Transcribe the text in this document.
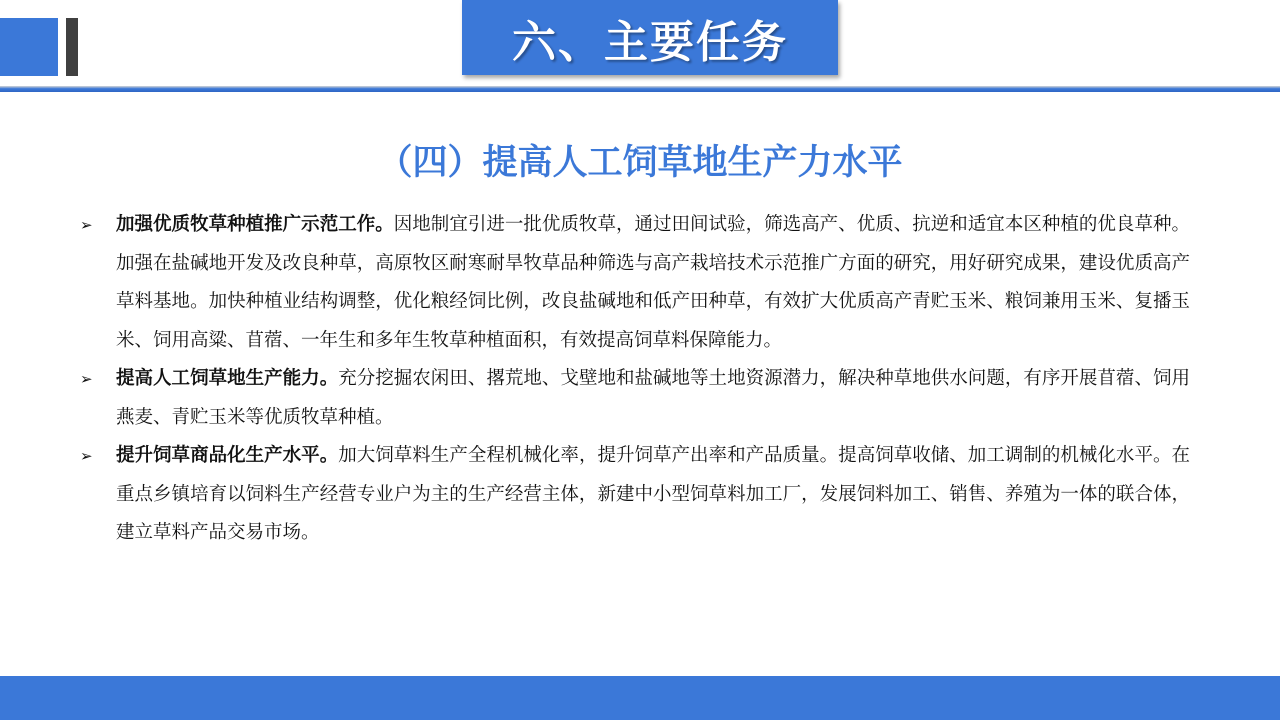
六、主要任务
（四）提高人工饲草地生产力水平
➢	加强优质牧草种植推广示范工作。因地制宜引进一批优质牧草，通过田间试验，筛选高产、优质、抗逆和适宜本区种植的优良草种。加强在盐碱地开发及改良种草，高原牧区耐寒耐旱牧草品种筛选与高产栽培技术示范推广方面的研究，用好研究成果，建设优质高产草料基地。加快种植业结构调整，优化粮经饲比例，改良盐碱地和低产田种草，有效扩大优质高产青贮玉米、粮饲兼用玉米、复播玉米、饲用高粱、苜蓿、一年生和多年生牧草种植面积，有效提高饲草料保障能力。
➢	提高人工饲草地生产能力。充分挖掘农闲田、撂荒地、戈壁地和盐碱地等土地资源潜力，解决种草地供水问题，有序开展苜蓿、饲用燕麦、青贮玉米等优质牧草种植。
➢	提升饲草商品化生产水平。加大饲草料生产全程机械化率，提升饲草产出率和产品质量。提高饲草收储、加工调制的机械化水平。在重点乡镇培育以饲料生产经营专业户为主的生产经营主体，新建中小型饲草料加工厂，发展饲料加工、销售、养殖为一体的联合体，建立草料产品交易市场。
